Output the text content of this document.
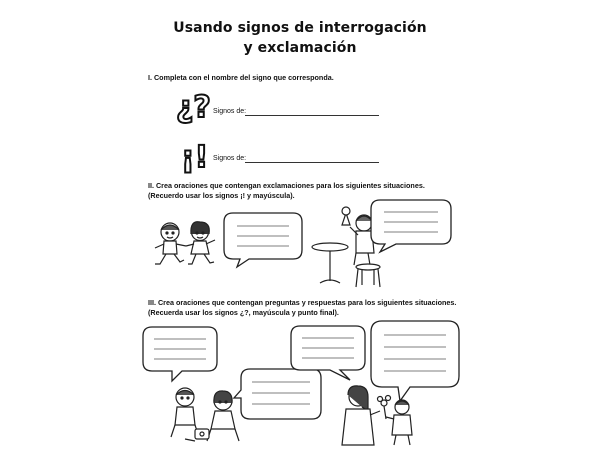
Usando signos de interrogación
y exclamación
I. Completa con el nombre del signo que corresponda.
¿? Signos de:
¡! Signos de:
II. Crea oraciones que contengan exclamaciones para los siguientes situaciones.
(Recuerdo usar los signos ¡! y mayúscula).
III. Crea oraciones que contengan preguntas y respuestas para los siguientes situaciones.
(Recuerda usar los signos ¿?, mayúscula y punto final).
